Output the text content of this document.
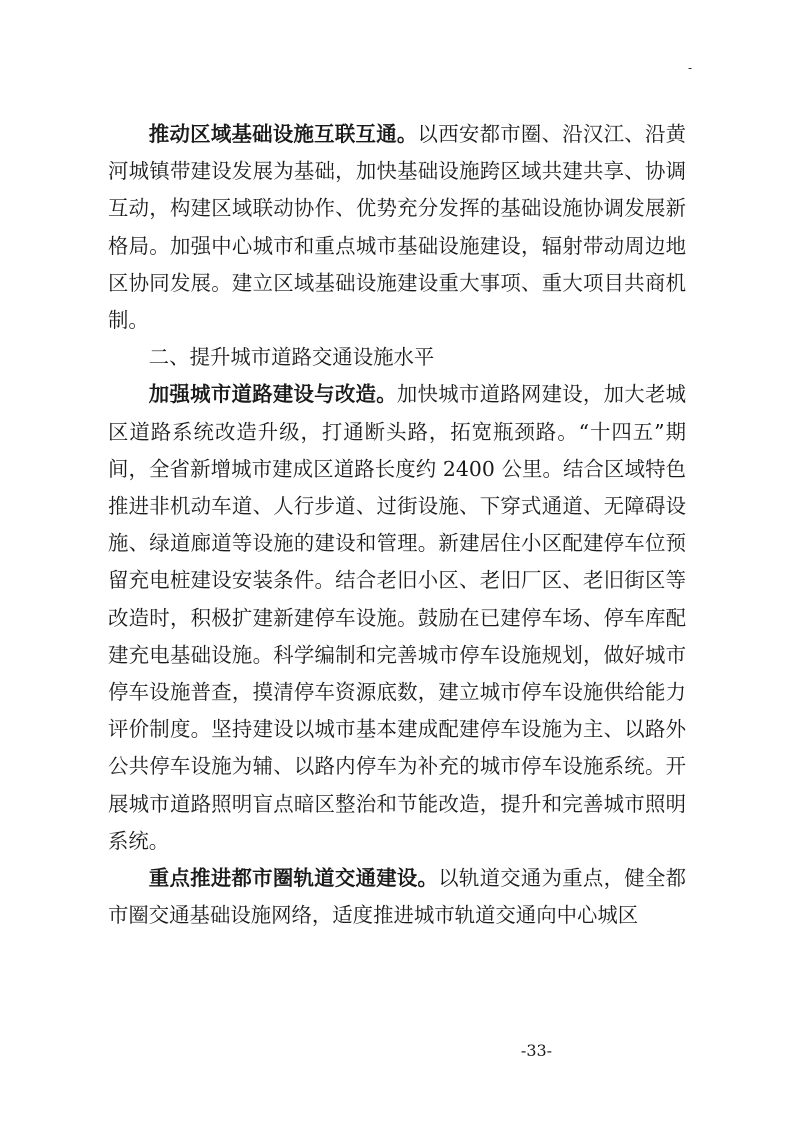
-

推动区域基础设施互联互通。以西安都市圈、沿汉江、沿黄河城镇带建设发展为基础，加快基础设施跨区域共建共享、协调互动，构建区域联动协作、优势充分发挥的基础设施协调发展新格局。加强中心城市和重点城市基础设施建设，辐射带动周边地区协同发展。建立区域基础设施建设重大事项、重大项目共商机制。

二、提升城市道路交通设施水平

加强城市道路建设与改造。加快城市道路网建设，加大老城区道路系统改造升级，打通断头路，拓宽瓶颈路。“十四五”期间，全省新增城市建成区道路长度约 2400 公里。结合区域特色推进非机动车道、人行步道、过街设施、下穿式通道、无障碍设施、绿道廊道等设施的建设和管理。新建居住小区配建停车位预留充电桩建设安装条件。结合老旧小区、老旧厂区、老旧街区等改造时，积极扩建新建停车设施。鼓励在已建停车场、停车库配建充电基础设施。科学编制和完善城市停车设施规划，做好城市停车设施普查，摸清停车资源底数，建立城市停车设施供给能力评价制度。坚持建设以城市基本建成配建停车设施为主、以路外公共停车设施为辅、以路内停车为补充的城市停车设施系统。开展城市道路照明盲点暗区整治和节能改造，提升和完善城市照明系统。

重点推进都市圈轨道交通建设。以轨道交通为重点，健全都市圈交通基础设施网络，适度推进城市轨道交通向中心城区

-33-
